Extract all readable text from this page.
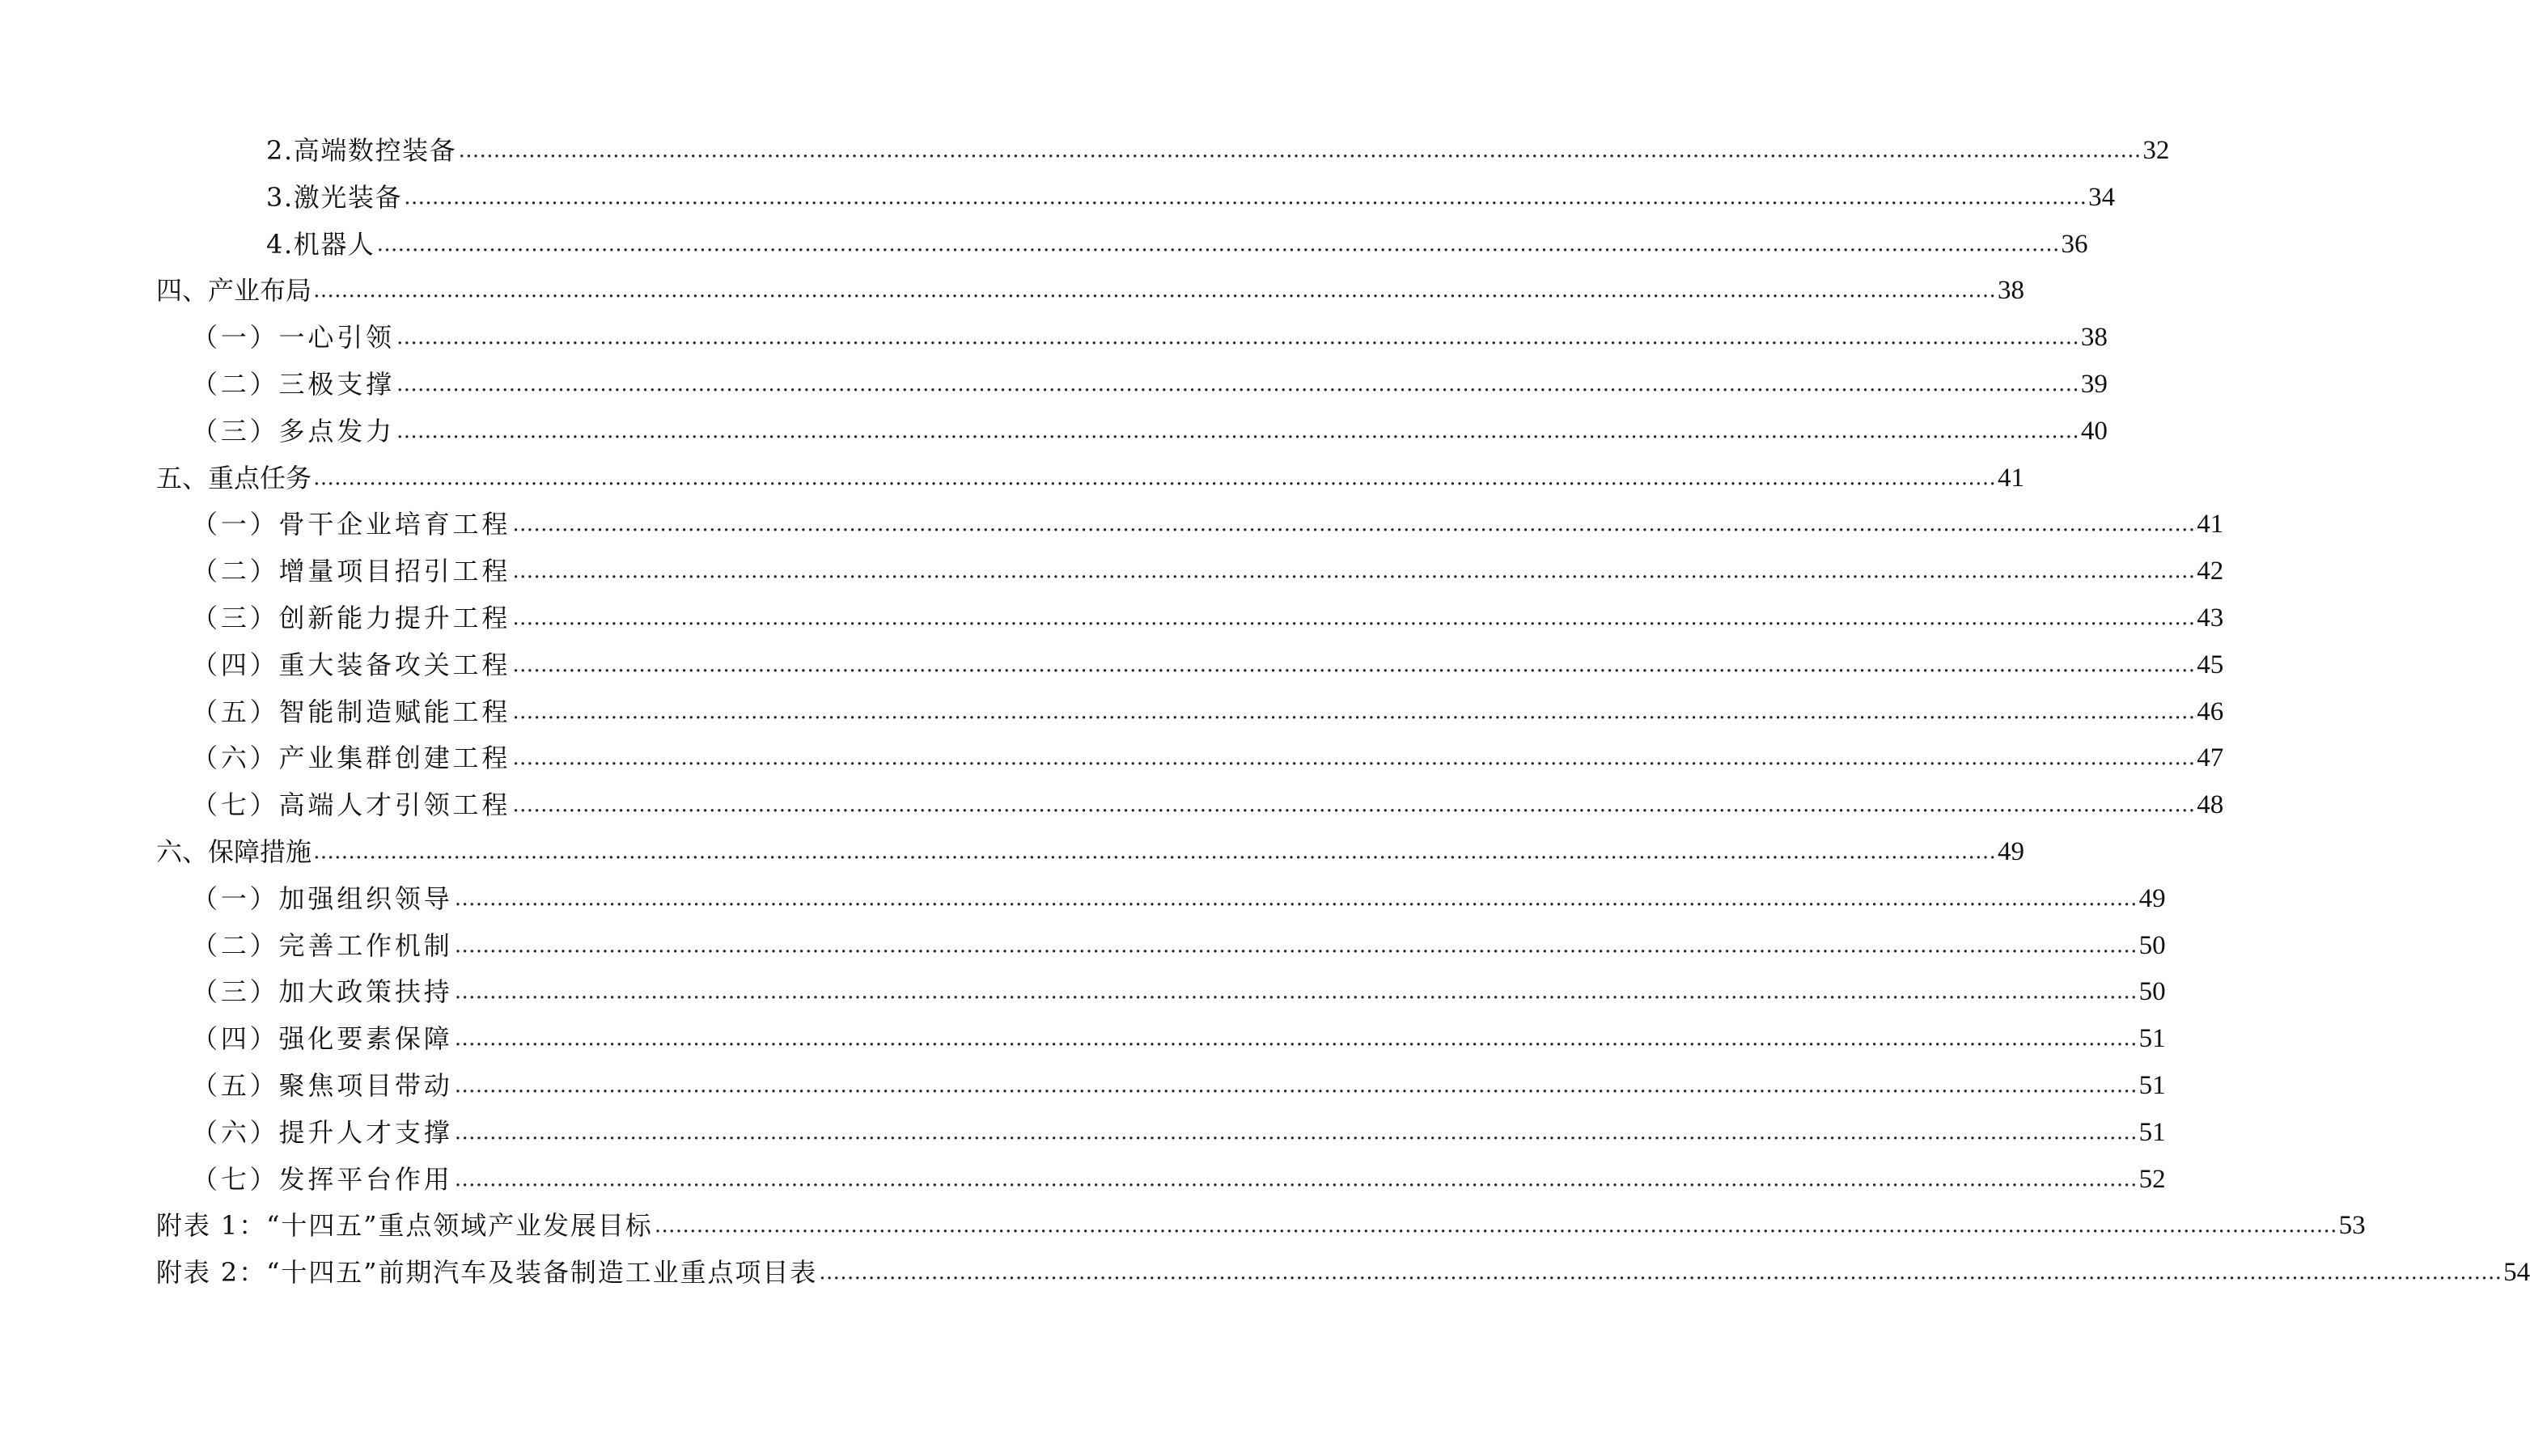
2.高端数控装备 …………………………………………………………………………………………………………………………………………………………………………………………………………………… 32
3.激光装备 …………………………………………………………………………………………………………………………………………………………………………………………………………………… 34
4.机器人 …………………………………………………………………………………………………………………………………………………………………………………………………………………… 36
四、产业布局 …………………………………………………………………………………………………………………………………………………………………………………………………………………… 38
（一）一心引领 …………………………………………………………………………………………………………………………………………………………………………………………………………………… 38
（二）三极支撑 …………………………………………………………………………………………………………………………………………………………………………………………………………………… 39
（三）多点发力 …………………………………………………………………………………………………………………………………………………………………………………………………………………… 40
五、重点任务 …………………………………………………………………………………………………………………………………………………………………………………………………………………… 41
（一）骨干企业培育工程 …………………………………………………………………………………………………………………………………………………………………………………………………………………… 41
（二）增量项目招引工程 …………………………………………………………………………………………………………………………………………………………………………………………………………………… 42
（三）创新能力提升工程 …………………………………………………………………………………………………………………………………………………………………………………………………………………… 43
（四）重大装备攻关工程 …………………………………………………………………………………………………………………………………………………………………………………………………………………… 45
（五）智能制造赋能工程 …………………………………………………………………………………………………………………………………………………………………………………………………………………… 46
（六）产业集群创建工程 …………………………………………………………………………………………………………………………………………………………………………………………………………………… 47
（七）高端人才引领工程 …………………………………………………………………………………………………………………………………………………………………………………………………………………… 48
六、保障措施 …………………………………………………………………………………………………………………………………………………………………………………………………………………… 49
（一）加强组织领导 …………………………………………………………………………………………………………………………………………………………………………………………………………………… 49
（二）完善工作机制 …………………………………………………………………………………………………………………………………………………………………………………………………………………… 50
（三）加大政策扶持 …………………………………………………………………………………………………………………………………………………………………………………………………………………… 50
（四）强化要素保障 …………………………………………………………………………………………………………………………………………………………………………………………………………………… 51
（五）聚焦项目带动 …………………………………………………………………………………………………………………………………………………………………………………………………………………… 51
（六）提升人才支撑 …………………………………………………………………………………………………………………………………………………………………………………………………………………… 51
（七）发挥平台作用 …………………………………………………………………………………………………………………………………………………………………………………………………………………… 52
附表 1：“十四五”重点领域产业发展目标 …………………………………………………………………………………………………………………………………………………………………………………………………………………… 53
附表 2：“十四五”前期汽车及装备制造工业重点项目表 …………………………………………………………………………………………………………………………………………………………………………………………………………………… 54
